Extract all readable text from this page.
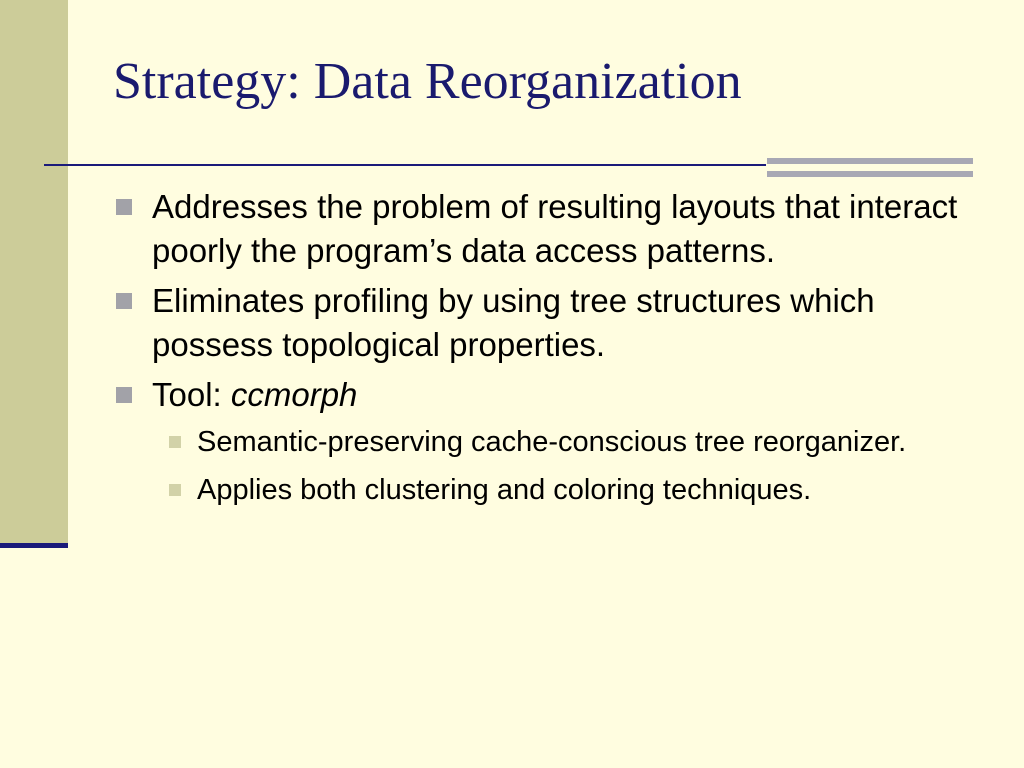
Strategy: Data Reorganization
Addresses the problem of resulting layouts that interact poorly the program’s data access patterns.
Eliminates profiling by using tree structures which possess topological properties.
Tool: ccmorph
Semantic-preserving cache-conscious tree reorganizer.
Applies both clustering and coloring techniques.
